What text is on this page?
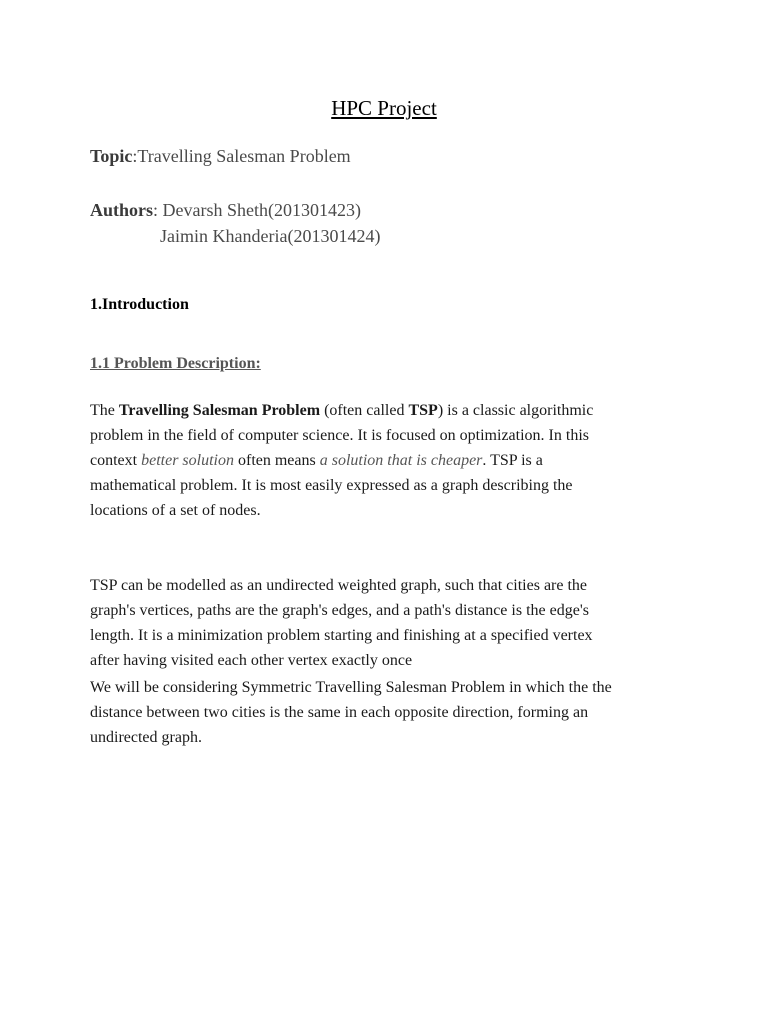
HPC Project
Topic:Travelling Salesman Problem
Authors: Devarsh Sheth(201301423)
Jaimin Khanderia(201301424)
1.Introduction
1.1 Problem Description:
The Travelling Salesman Problem (often called TSP) is a classic algorithmic
problem in the field of computer science. It is focused on optimization. In this
context better solution often means a solution that is cheaper. TSP is a
mathematical problem. It is most easily expressed as a graph describing the
locations of a set of nodes.
TSP can be modelled as an undirected weighted graph, such that cities are the
graph's vertices, paths are the graph's edges, and a path's distance is the edge's
length. It is a minimization problem starting and finishing at a specified vertex
after having visited each other vertex exactly once
We will be considering Symmetric Travelling Salesman Problem in which the the
distance between two cities is the same in each opposite direction, forming an
undirected graph.
